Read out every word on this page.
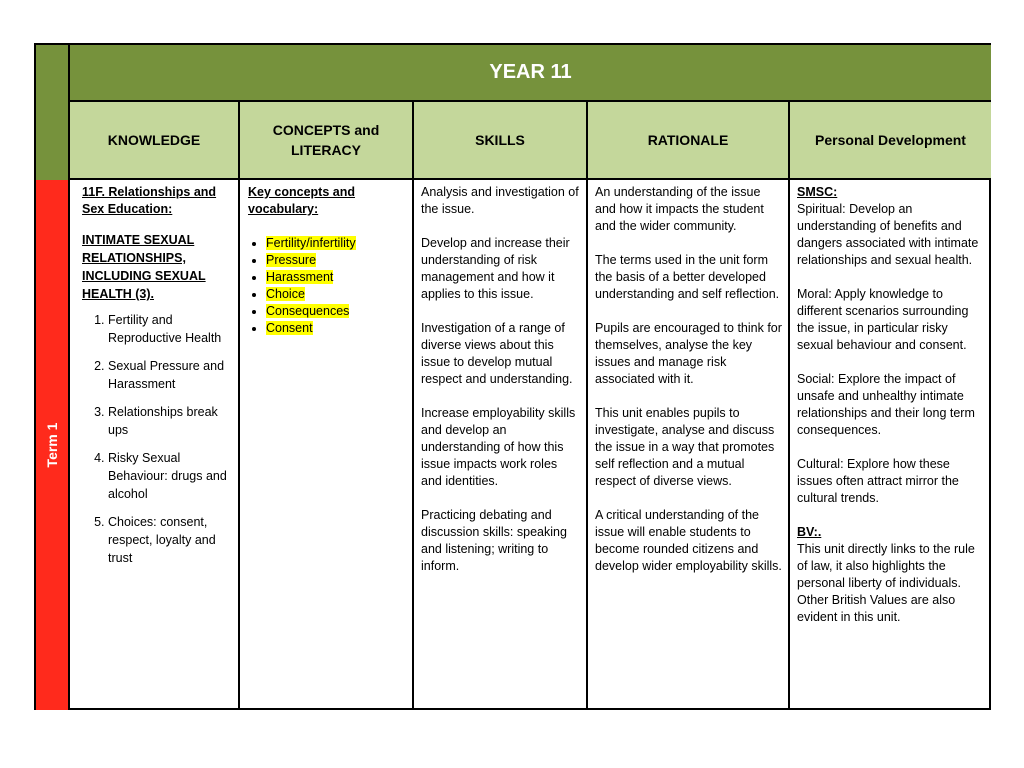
YEAR 11
KNOWLEDGE
CONCEPTS and LITERACY
SKILLS	RATIONALE	Personal Development
Term 1
11F. Relationships and Sex Education:
INTIMATE SEXUAL RELATIONSHIPS, INCLUDING SEXUAL HEALTH (3).
1. Fertility and Reproductive Health
2. Sexual Pressure and Harassment
3. Relationships break ups
4. Risky Sexual Behaviour: drugs and alcohol
5. Choices: consent, respect, loyalty and trust
Key concepts and vocabulary:
• Fertility/infertility
• Pressure
• Harassment
• Choice
• Consequences
• Consent
Analysis and investigation of the issue.
Develop and increase their understanding of risk management and how it applies to this issue.
Investigation of a range of diverse views about this issue to develop mutual respect and understanding.
Increase employability skills and develop an understanding of how this issue impacts work roles and identities.
Practicing debating and discussion skills: speaking and listening; writing to inform.
An understanding of the issue and how it impacts the student and the wider community.
The terms used in the unit form the basis of a better developed understanding and self reflection.
Pupils are encouraged to think for themselves, analyse the key issues and manage risk associated with it.
This unit enables pupils to investigate, analyse and discuss the issue in a way that promotes self reflection and a mutual respect of diverse views.
A critical understanding of the issue will enable students to become rounded citizens and develop wider employability skills.
SMSC:
Spiritual: Develop an understanding of benefits and dangers associated with intimate relationships and sexual health.
Moral: Apply knowledge to different scenarios surrounding the issue, in particular risky sexual behaviour and consent.
Social: Explore the impact of unsafe and unhealthy intimate relationships and their long term consequences.
Cultural: Explore how these issues often attract mirror the cultural trends.
BV:.
This unit directly links to the rule of law, it also highlights the personal liberty of individuals. Other British Values are also evident in this unit.
